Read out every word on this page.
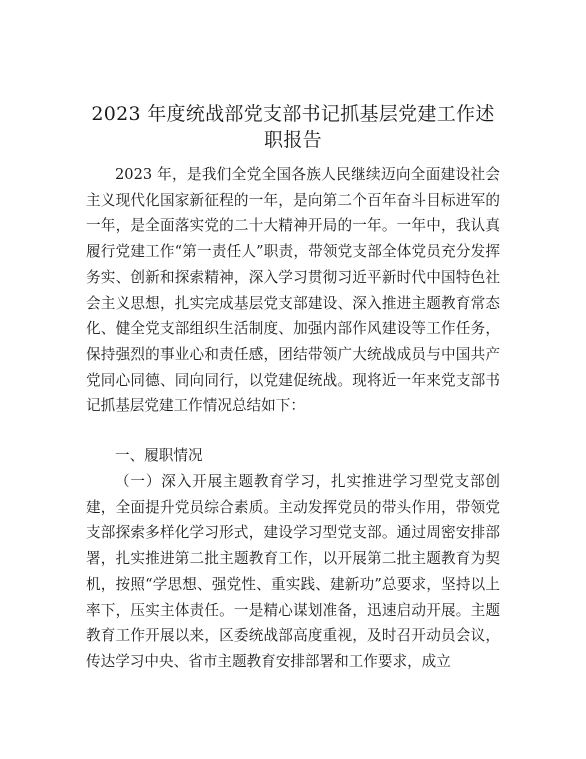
2023 年度统战部党支部书记抓基层党建工作述职报告

2023 年，是我们全党全国各族人民继续迈向全面建设社会主义现代化国家新征程的一年，是向第二个百年奋斗目标进军的一年，是全面落实党的二十大精神开局的一年。一年中，我认真履行党建工作“第一责任人”职责，带领党支部全体党员充分发挥务实、创新和探索精神，深入学习贯彻习近平新时代中国特色社会主义思想，扎实完成基层党支部建设、深入推进主题教育常态化、健全党支部组织生活制度、加强内部作风建设等工作任务，保持强烈的事业心和责任感，团结带领广大统战成员与中国共产党同心同德、同向同行，以党建促统战。现将近一年来党支部书记抓基层党建工作情况总结如下：

一、履职情况

（一）深入开展主题教育学习，扎实推进学习型党支部创建，全面提升党员综合素质。主动发挥党员的带头作用，带领党支部探索多样化学习形式，建设学习型党支部。通过周密安排部署，扎实推进第二批主题教育工作，以开展第二批主题教育为契机，按照“学思想、强党性、重实践、建新功”总要求，坚持以上率下，压实主体责任。一是精心谋划准备，迅速启动开展。主题教育工作开展以来，区委统战部高度重视，及时召开动员会议，传达学习中央、省市主题教育安排部署和工作要求，成立
